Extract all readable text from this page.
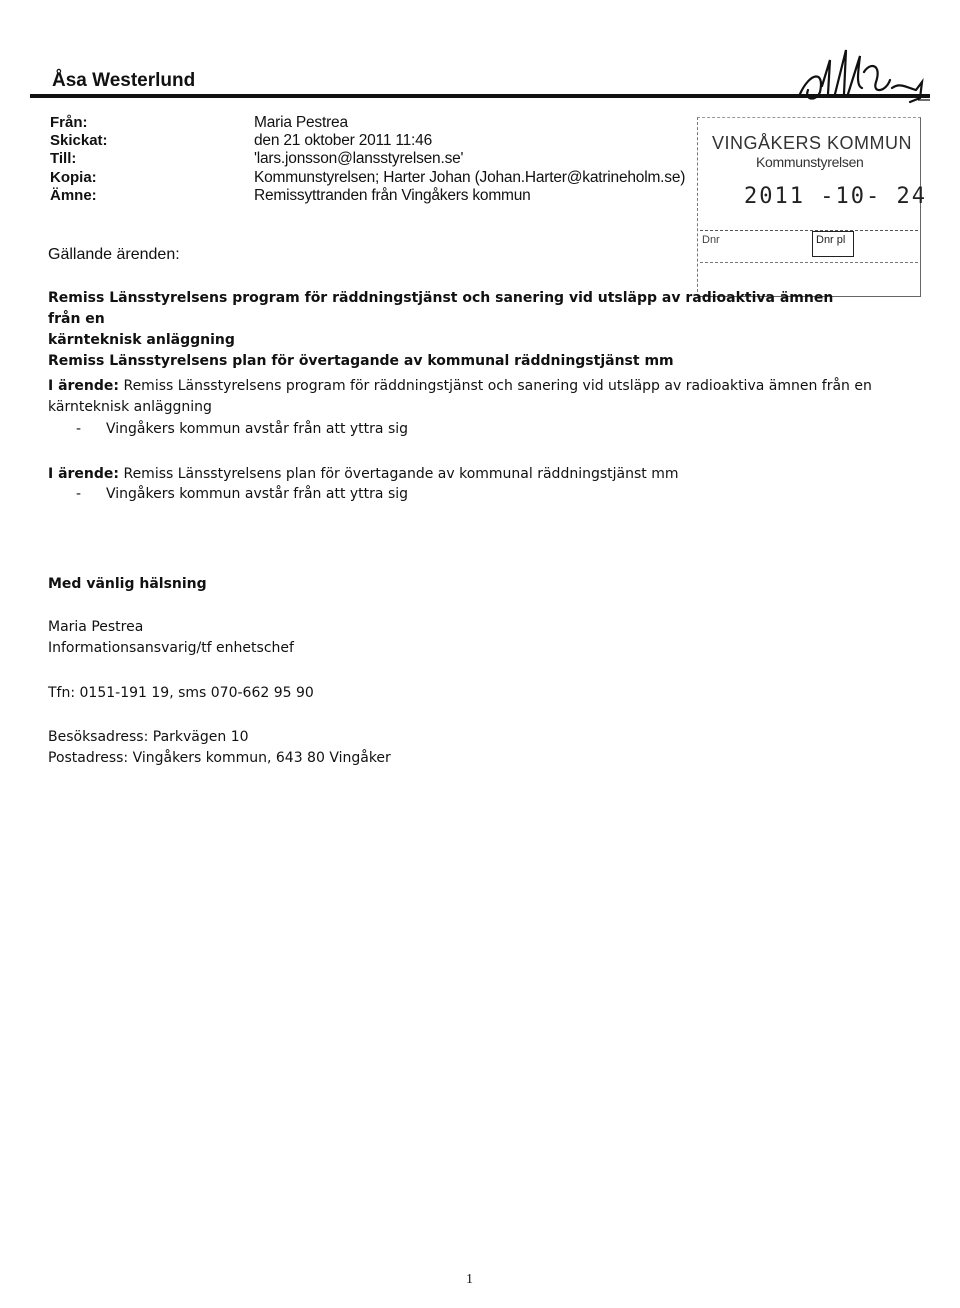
Åsa Westerlund
Från:
Skickat:
Till:
Kopia:
Ämne:
Maria Pestrea
den 21 oktober 2011 11:46
'lars.jonsson@lansstyrelsen.se'
Kommunstyrelsen; Harter Johan (Johan.Harter@katrineholm.se)
Remissyttranden från Vingåkers kommun
Gällande ärenden:
VINGÅKERS KOMMUN
Kommunstyrelsen
2011 -10- 24
Dnr	Dnr pl
Remiss Länsstyrelsens program för räddningstjänst och sanering vid utsläpp av radioaktiva ämnen från en
kärnteknisk anläggning
Remiss Länsstyrelsens plan för övertagande av kommunal räddningstjänst mm
I ärende: Remiss Länsstyrelsens program för räddningstjänst och sanering vid utsläpp av radioaktiva ämnen från en
kärnteknisk anläggning
- Vingåkers kommun avstår från att yttra sig
I ärende: Remiss Länsstyrelsens plan för övertagande av kommunal räddningstjänst mm
- Vingåkers kommun avstår från att yttra sig
Med vänlig hälsning
Maria Pestrea
Informationsansvarig/tf enhetschef
Tfn: 0151-191 19, sms 070-662 95 90
Besöksadress: Parkvägen 10
Postadress: Vingåkers kommun, 643 80 Vingåker
1
